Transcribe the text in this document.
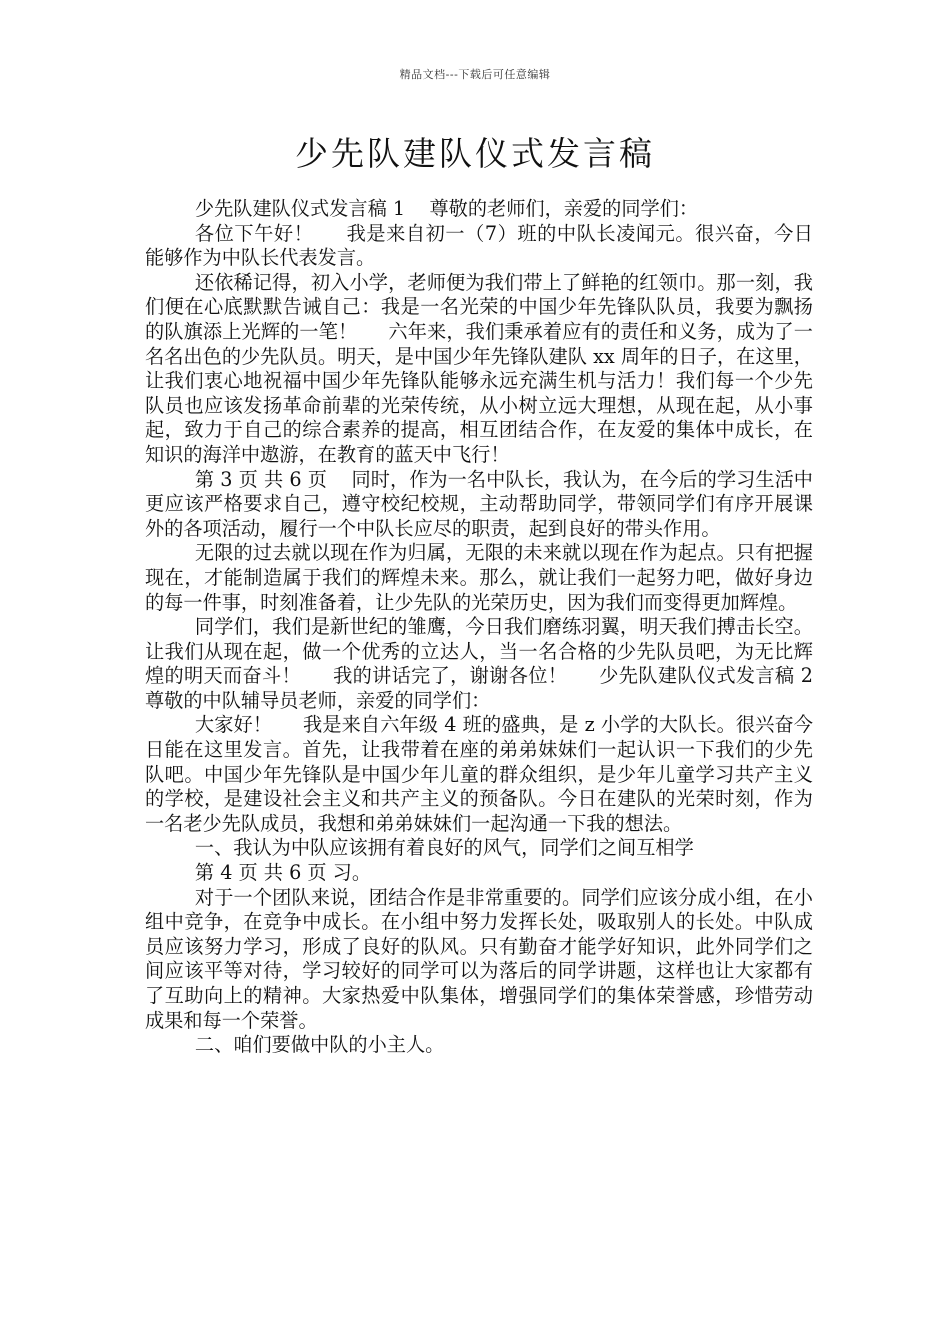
精品文档---下载后可任意编辑
少先队建队仪式发言稿

少先队建队仪式发言稿 1    尊敬的老师们，亲爱的同学们：

各位下午好！     我是来自初一（7）班的中队长凌闻元。很兴奋，今日能够作为中队长代表发言。

还依稀记得，初入小学，老师便为我们带上了鲜艳的红领巾。那一刻，我们便在心底默默告诫自己：我是一名光荣的中国少年先锋队队员，我要为飘扬的队旗添上光辉的一笔！     六年来，我们秉承着应有的责任和义务，成为了一名名出色的少先队员。明天，是中国少年先锋队建队 xx 周年的日子，在这里，让我们衷心地祝福中国少年先锋队能够永远充满生机与活力！我们每一个少先队员也应该发扬革命前辈的光荣传统，从小树立远大理想，从现在起，从小事起，致力于自己的综合素养的提高，相互团结合作，在友爱的集体中成长，在知识的海洋中遨游，在教育的蓝天中飞行！

第 3 页 共 6 页    同时，作为一名中队长，我认为，在今后的学习生活中更应该严格要求自己，遵守校纪校规，主动帮助同学，带领同学们有序开展课外的各项活动，履行一个中队长应尽的职责，起到良好的带头作用。

无限的过去就以现在作为归属，无限的未来就以现在作为起点。只有把握现在，才能制造属于我们的辉煌未来。那么，就让我们一起努力吧，做好身边的每一件事，时刻准备着，让少先队的光荣历史，因为我们而变得更加辉煌。

同学们，我们是新世纪的雏鹰，今日我们磨练羽翼，明天我们搏击长空。让我们从现在起，做一个优秀的立达人，当一名合格的少先队员吧，为无比辉煌的明天而奋斗！     我的讲话完了，谢谢各位！     少先队建队仪式发言稿 2    尊敬的中队辅导员老师，亲爱的同学们：

大家好！     我是来自六年级 4 班的盛典，是 z 小学的大队长。很兴奋今日能在这里发言。首先，让我带着在座的弟弟妹妹们一起认识一下我们的少先队吧。中国少年先锋队是中国少年儿童的群众组织，是少年儿童学习共产主义的学校，是建设社会主义和共产主义的预备队。今日在建队的光荣时刻，作为一名老少先队成员，我想和弟弟妹妹们一起沟通一下我的想法。

一、我认为中队应该拥有着良好的风气，同学们之间互相学

第 4 页 共 6 页 习。

对于一个团队来说，团结合作是非常重要的。同学们应该分成小组，在小组中竞争，在竞争中成长。在小组中努力发挥长处，吸取别人的长处。中队成员应该努力学习，形成了良好的队风。只有勤奋才能学好知识，此外同学们之间应该平等对待，学习较好的同学可以为落后的同学讲题，这样也让大家都有了互助向上的精神。大家热爱中队集体，增强同学们的集体荣誉感，珍惜劳动成果和每一个荣誉。

二、咱们要做中队的小主人。
